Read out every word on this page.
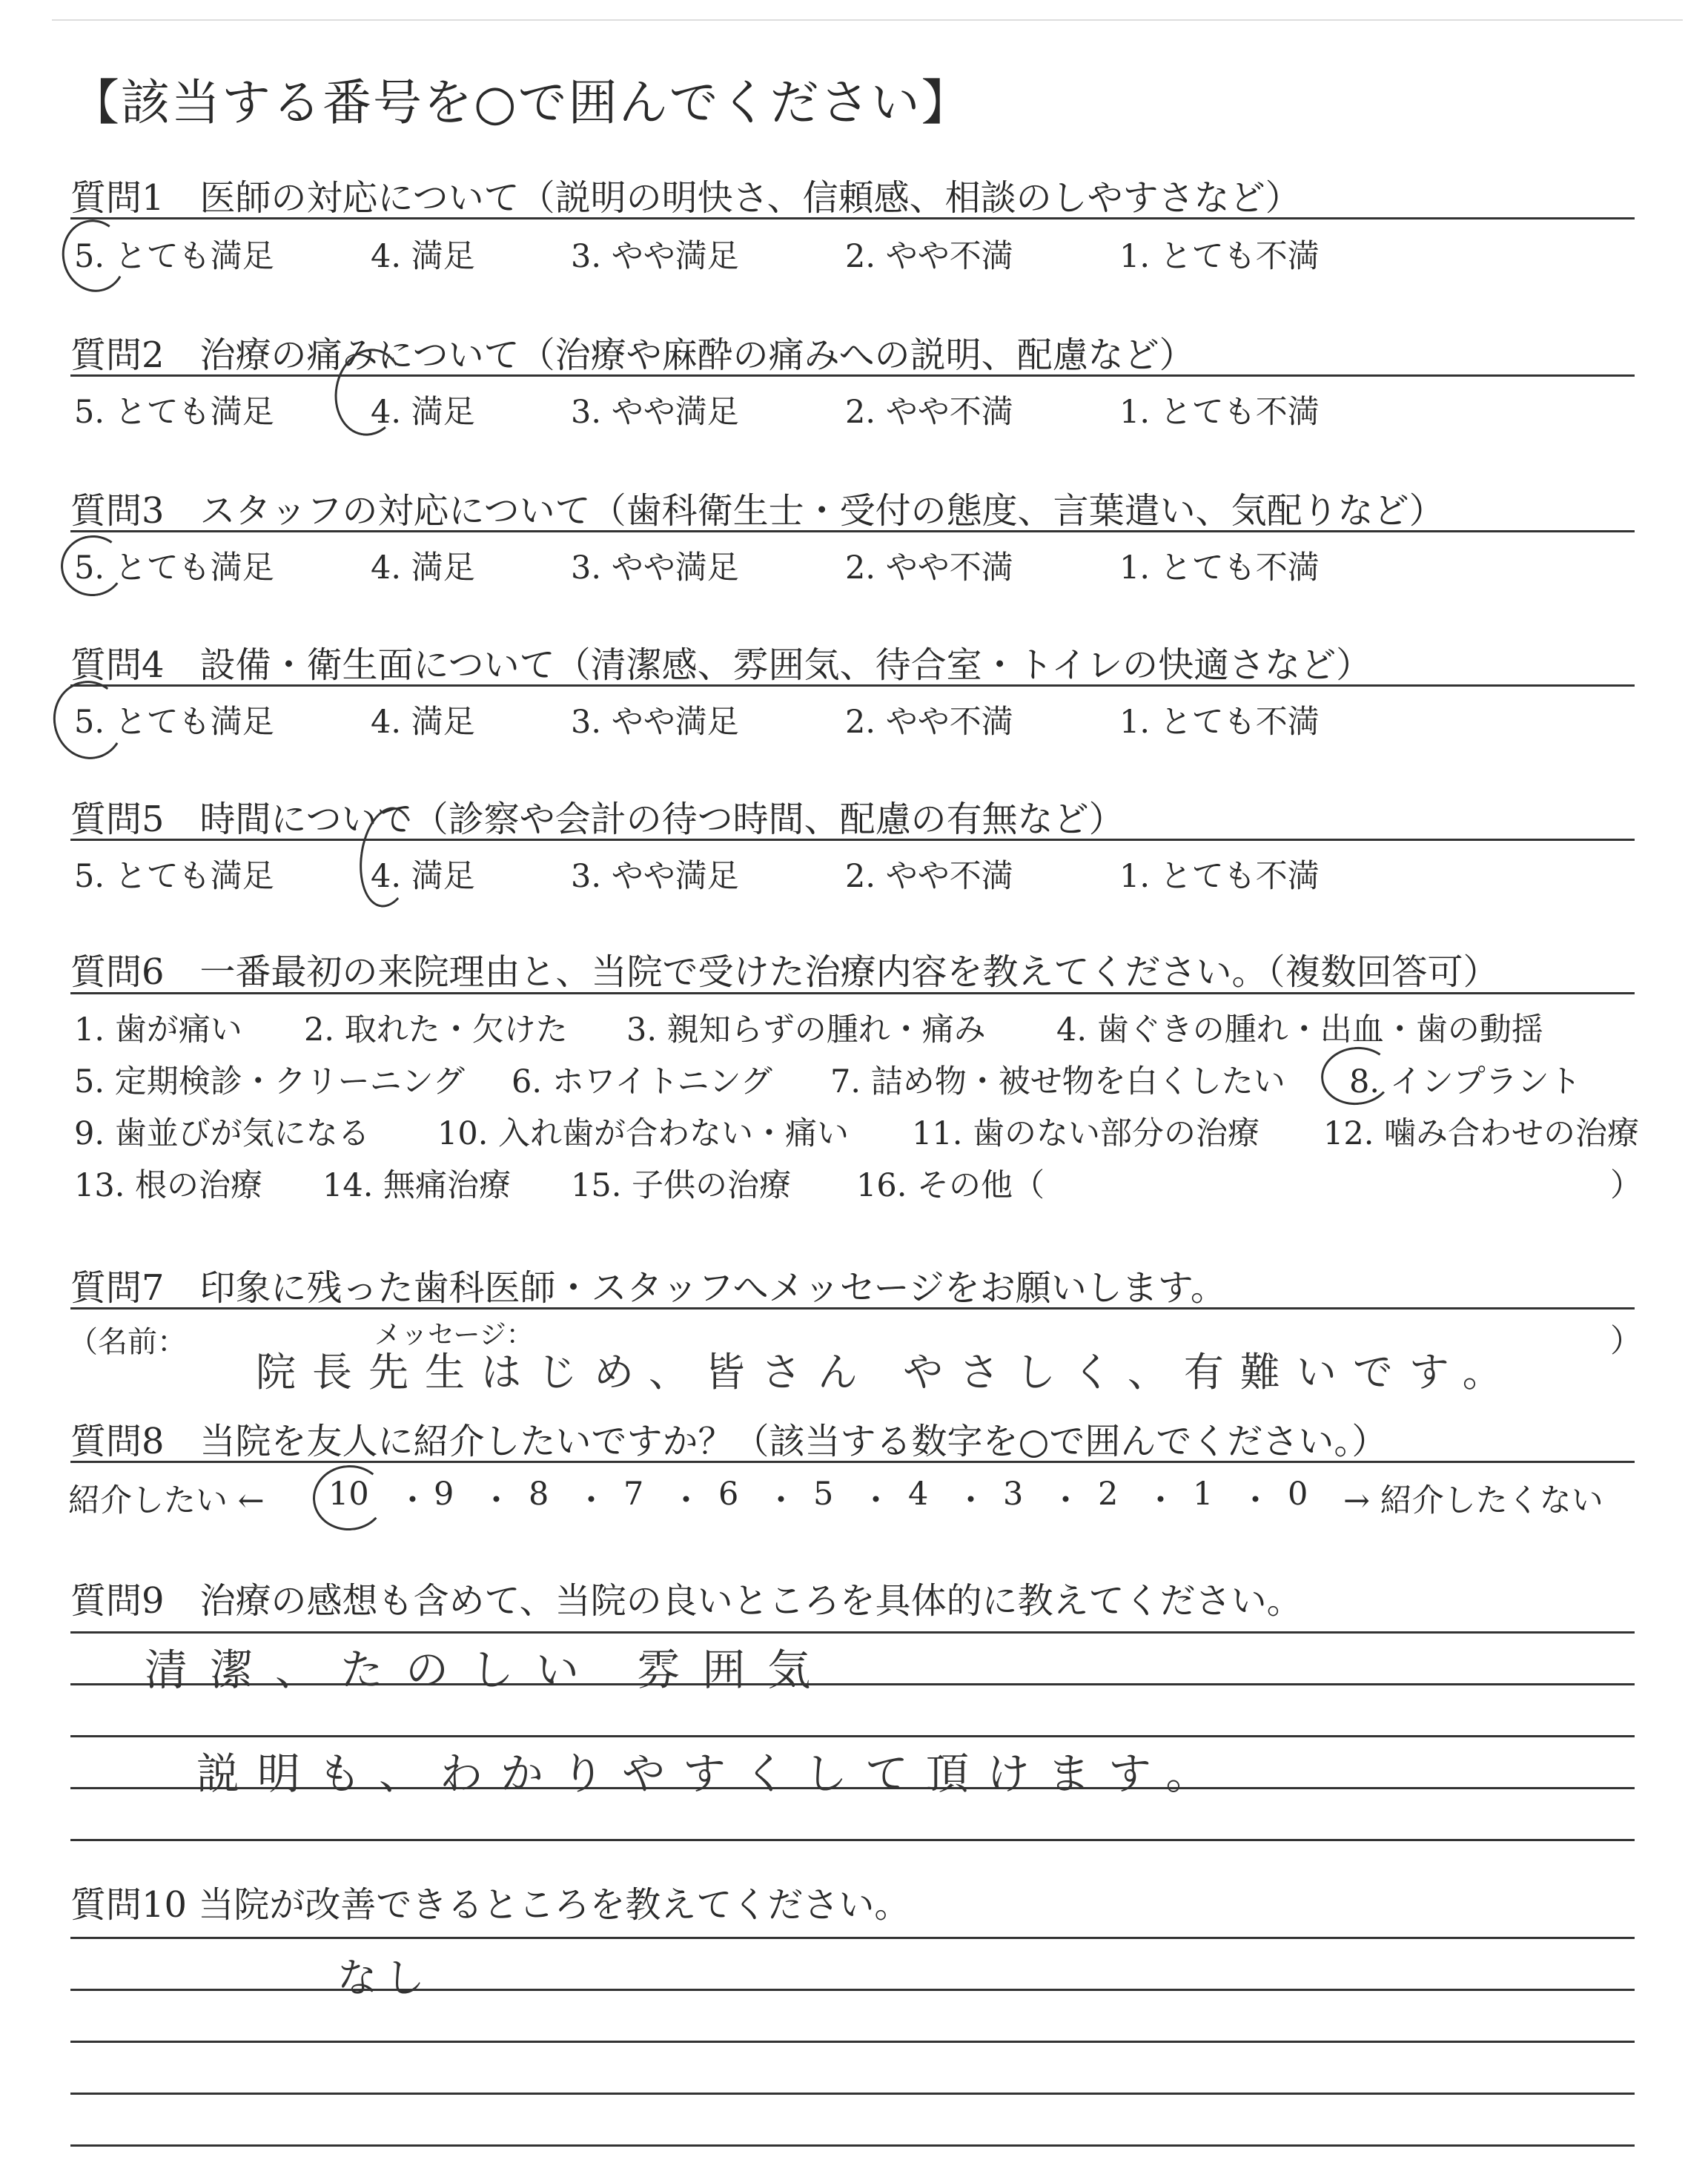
【該当する番号を○で囲んでください】
質問1　医師の対応について（説明の明快さ、信頼感、相談のしやすさなど）
5. とても満足	4. 満足	3. やや満足	2. やや不満	1. とても不満
質問2　治療の痛みについて（治療や麻酔の痛みへの説明、配慮など）
5. とても満足	4. 満足	3. やや満足	2. やや不満	1. とても不満
質問3　スタッフの対応について（歯科衛生士・受付の態度、言葉遣い、気配りなど）
5. とても満足	4. 満足	3. やや満足	2. やや不満	1. とても不満
質問4　設備・衛生面について（清潔感、雰囲気、待合室・トイレの快適さなど）
5. とても満足	4. 満足	3. やや満足	2. やや不満	1. とても不満
質問5　時間について（診察や会計の待つ時間、配慮の有無など）
5. とても満足	4. 満足	3. やや満足	2. やや不満	1. とても不満
質問6　一番最初の来院理由と、当院で受けた治療内容を教えてください。（複数回答可）
1. 歯が痛い 2. 取れた・欠けた 3. 親知らずの腫れ・痛み 4. 歯ぐきの腫れ・出血・歯の動揺
5. 定期検診・クリーニング 6. ホワイトニング 7. 詰め物・被せ物を白くしたい 8. インプラント
9. 歯並びが気になる 10. 入れ歯が合わない・痛い 11. 歯のない部分の治療 12. 噛み合わせの治療
13. 根の治療 14. 無痛治療 15. 子供の治療 16. その他（	）
質問7　印象に残った歯科医師・スタッフへメッセージをお願いします。
（名前：	メッセージ：	）
院長先生はじめ、皆さん やさしく、有難いです。
質問8　当院を友人に紹介したいですか？（該当する数字を○で囲んでください。）
紹介したい ← 10 ・ 9 ・ 8 ・ 7 ・ 6 ・ 5 ・ 4 ・ 3 ・ 2 ・ 1 ・ 0 → 紹介したくない
質問9　治療の感想も含めて、当院の良いところを具体的に教えてください。
清潔、たのしい 雰囲気
説明も、わかりやすくして頂けます。
質問10 当院が改善できるところを教えてください。
なし
